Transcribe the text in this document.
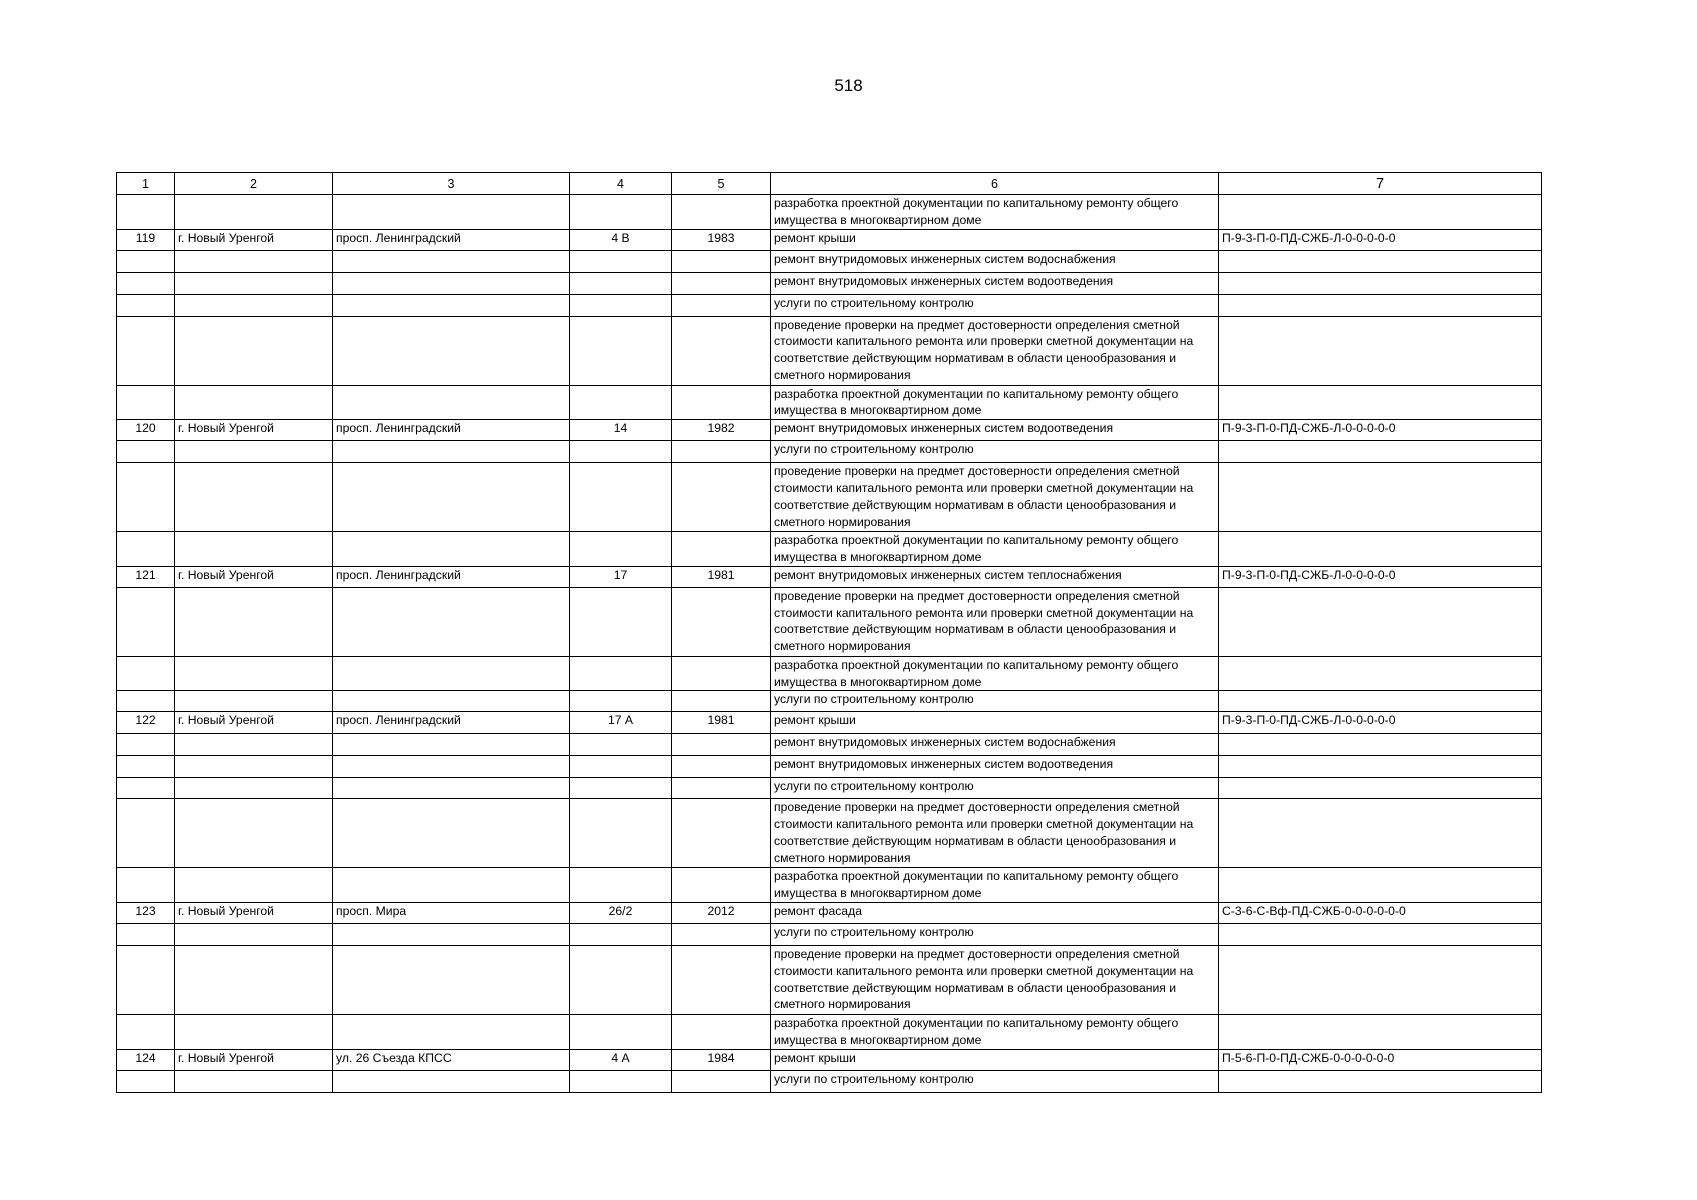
518
1	2	3	4	5	6	7
					разработка проектной документации по капитальному ремонту общего имущества в многоквартирном доме	
119	г. Новый Уренгой	просп. Ленинградский	4 В	1983	ремонт крыши	П-9-3-П-0-ПД-СЖБ-Л-0-0-0-0-0
					ремонт внутридомовых инженерных систем водоснабжения	
					ремонт внутридомовых инженерных систем водоотведения	
					услуги по строительному контролю	
					проведение проверки на предмет достоверности определения сметной стоимости капитального ремонта или проверки сметной документации на соответствие действующим нормативам в области ценообразования и сметного нормирования	
					разработка проектной документации по капитальному ремонту общего имущества в многоквартирном доме	
120	г. Новый Уренгой	просп. Ленинградский	14	1982	ремонт внутридомовых инженерных систем водоотведения	П-9-3-П-0-ПД-СЖБ-Л-0-0-0-0-0
					услуги по строительному контролю	
					проведение проверки на предмет достоверности определения сметной стоимости капитального ремонта или проверки сметной документации на соответствие действующим нормативам в области ценообразования и сметного нормирования	
					разработка проектной документации по капитальному ремонту общего имущества в многоквартирном доме	
121	г. Новый Уренгой	просп. Ленинградский	17	1981	ремонт внутридомовых инженерных систем теплоснабжения	П-9-3-П-0-ПД-СЖБ-Л-0-0-0-0-0
					проведение проверки на предмет достоверности определения сметной стоимости капитального ремонта или проверки сметной документации на соответствие действующим нормативам в области ценообразования и сметного нормирования	
					разработка проектной документации по капитальному ремонту общего имущества в многоквартирном доме	
					услуги по строительному контролю	
122	г. Новый Уренгой	просп. Ленинградский	17 А	1981	ремонт крыши	П-9-3-П-0-ПД-СЖБ-Л-0-0-0-0-0
					ремонт внутридомовых инженерных систем водоснабжения	
					ремонт внутридомовых инженерных систем водоотведения	
					услуги по строительному контролю	
					проведение проверки на предмет достоверности определения сметной стоимости капитального ремонта или проверки сметной документации на соответствие действующим нормативам в области ценообразования и сметного нормирования	
					разработка проектной документации по капитальному ремонту общего имущества в многоквартирном доме	
123	г. Новый Уренгой	просп. Мира	26/2	2012	ремонт фасада	С-3-6-С-Вф-ПД-СЖБ-0-0-0-0-0-0
					услуги по строительному контролю	
					проведение проверки на предмет достоверности определения сметной стоимости капитального ремонта или проверки сметной документации на соответствие действующим нормативам в области ценообразования и сметного нормирования	
					разработка проектной документации по капитальному ремонту общего имущества в многоквартирном доме	
124	г. Новый Уренгой	ул. 26 Съезда КПСС	4 А	1984	ремонт крыши	П-5-6-П-0-ПД-СЖБ-0-0-0-0-0-0
					услуги по строительному контролю	
